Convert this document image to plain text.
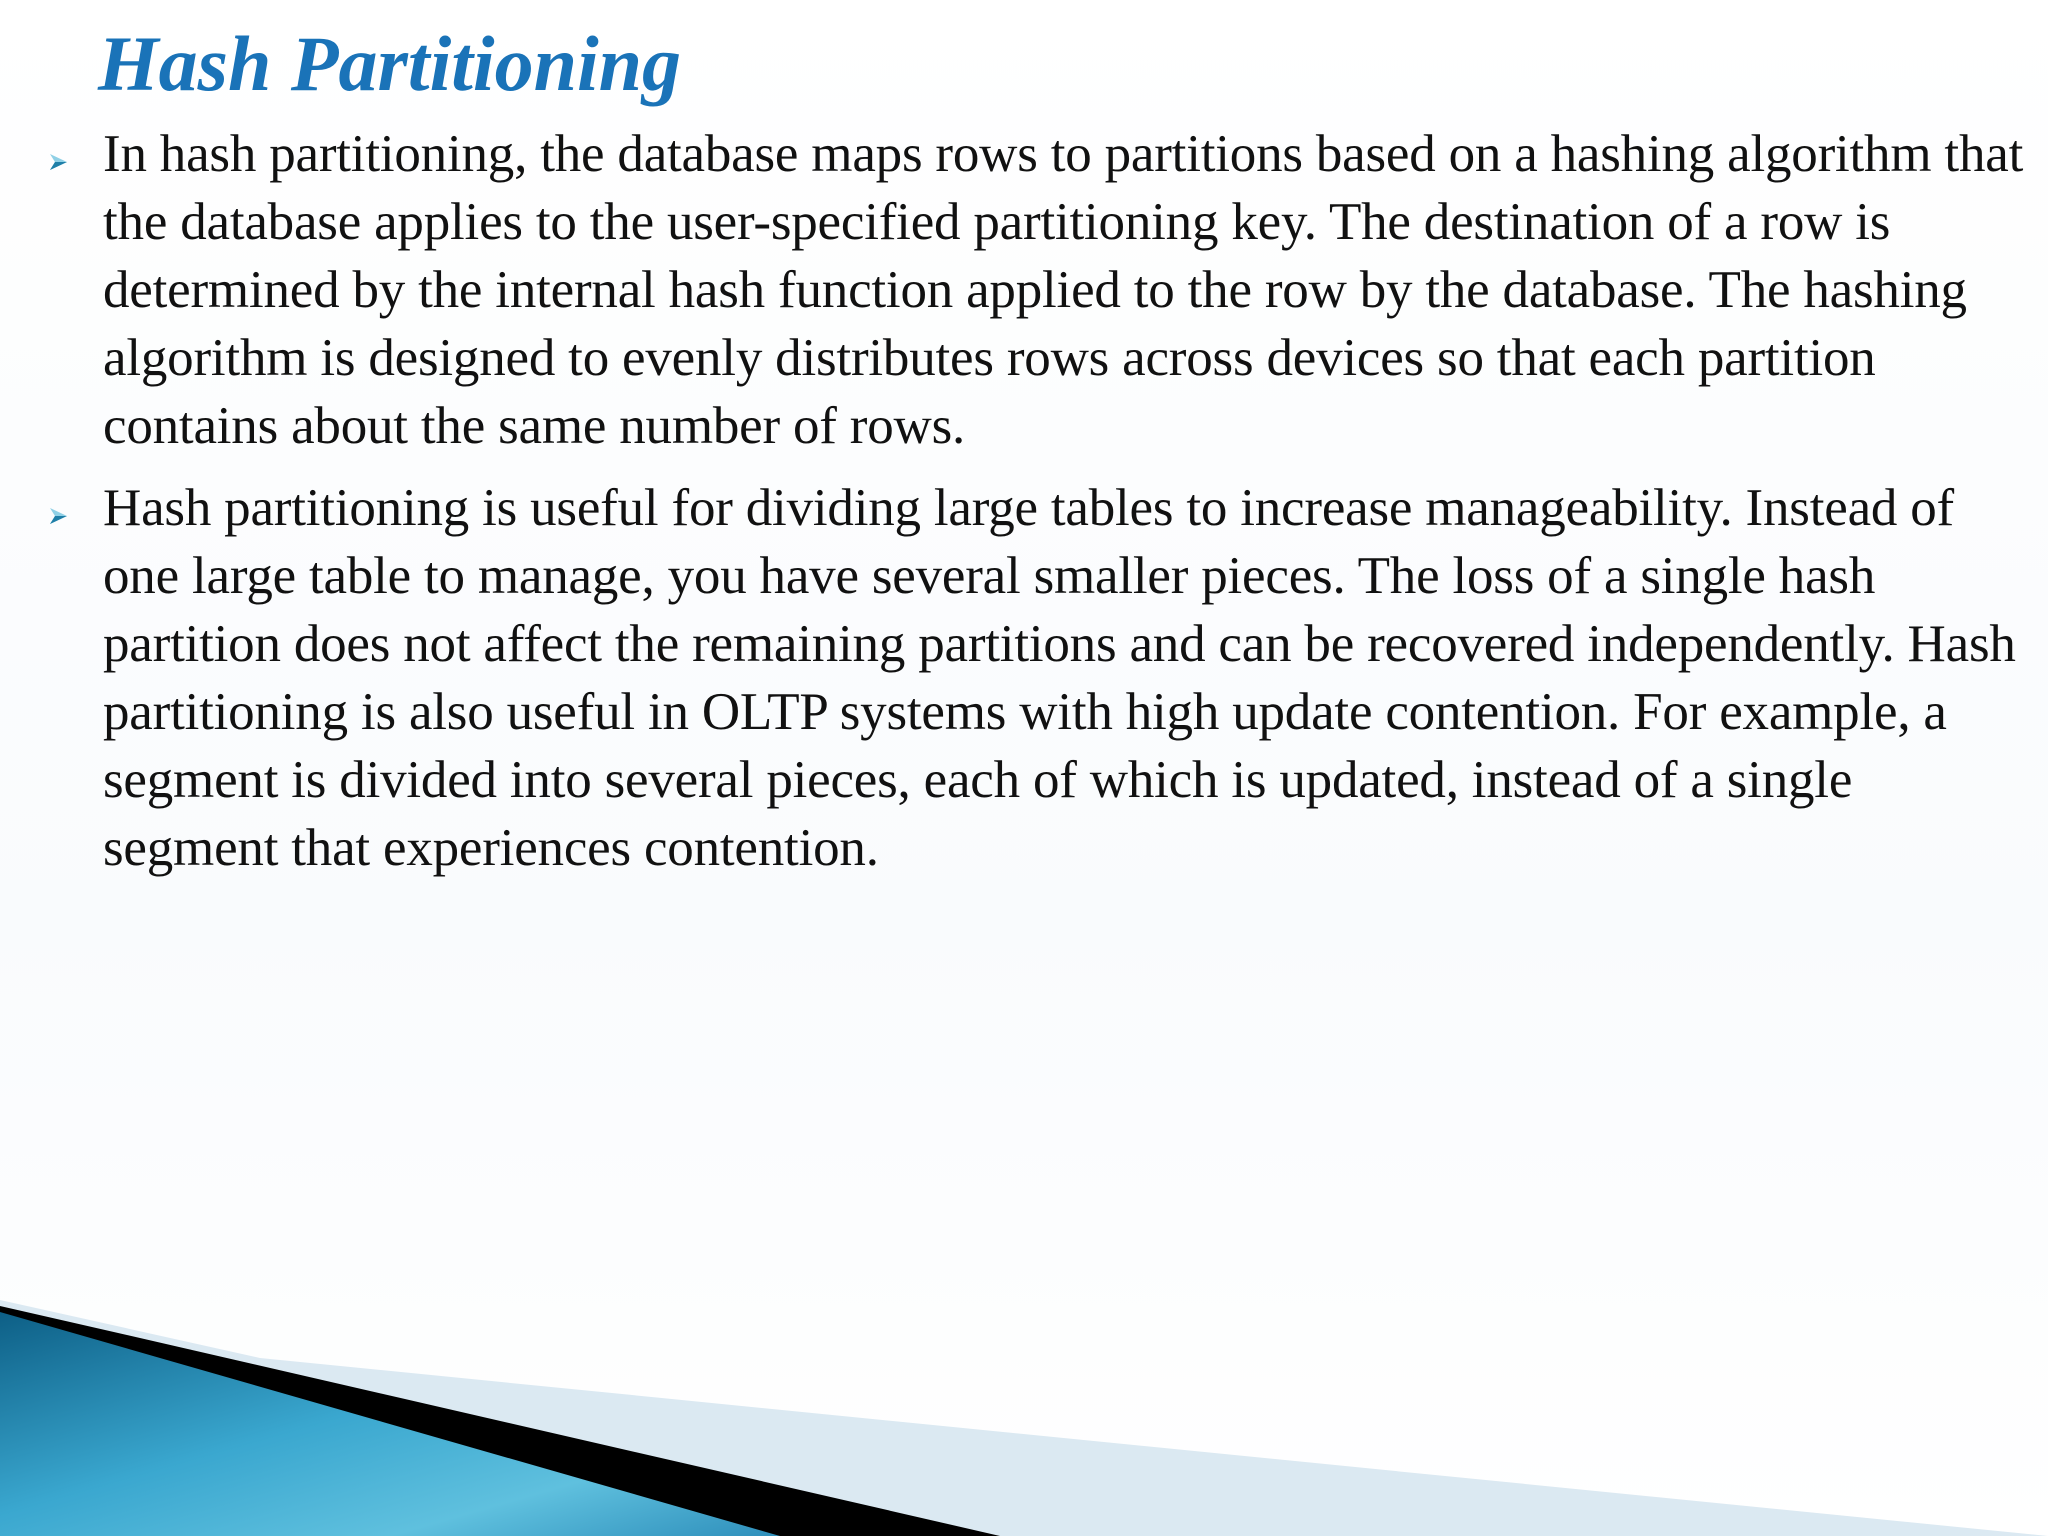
Hash Partitioning
In hash partitioning, the database maps rows to partitions based on a hashing algorithm that the database applies to the user-specified partitioning key. The destination of a row is determined by the internal hash function applied to the row by the database. The hashing algorithm is designed to evenly distributes rows across devices so that each partition contains about the same number of rows.
Hash partitioning is useful for dividing large tables to increase manageability. Instead of one large table to manage, you have several smaller pieces. The loss of a single hash partition does not affect the remaining partitions and can be recovered independently. Hash partitioning is also useful in OLTP systems with high update contention. For example, a segment is divided into several pieces, each of which is updated, instead of a single segment that experiences contention.
